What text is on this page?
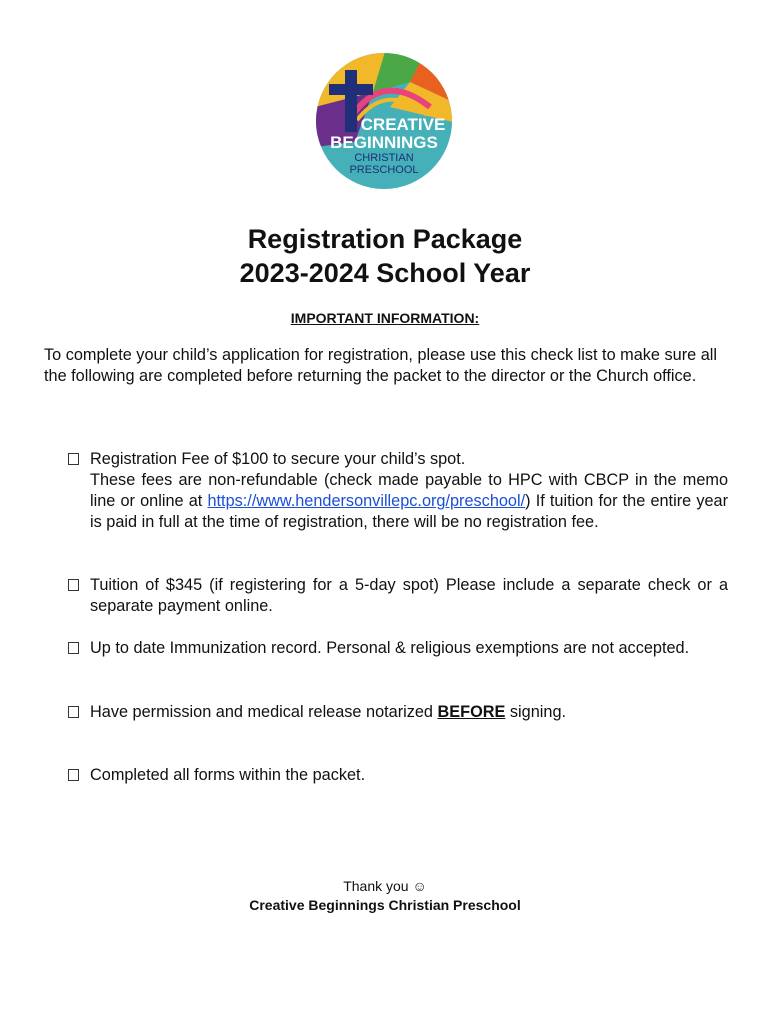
CREATIVE
BEGINNINGS
CHRISTIAN
PRESCHOOL
Registration Package
2023-2024 School Year
IMPORTANT INFORMATION:
To complete your child’s application for registration, please use this check list to make sure all the following are completed before returning the packet to the director or the Church office.
Registration Fee of $100 to secure your child’s spot.
These fees are non-refundable (check made payable to HPC with CBCP in the memo line or online at https://www.hendersonvillepc.org/preschool/) If tuition for the entire year is paid in full at the time of registration, there will be no registration fee.
Tuition of $345 (if registering for a 5-day spot) Please include a separate check or a separate payment online.
Up to date Immunization record. Personal & religious exemptions are not accepted.
Have permission and medical release notarized BEFORE signing.
Completed all forms within the packet.
Thank you ☺
Creative Beginnings Christian Preschool
